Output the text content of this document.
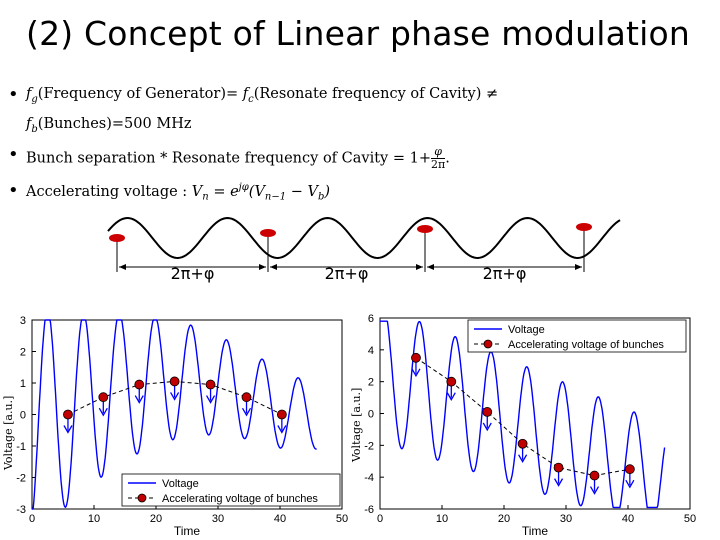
(2) Concept of Linear phase modulation
• $f_g(Frequency$ of Generator)= $f_c(Resonate$ frequency of Cavity) ≠
$f_b(Bunches)=500$ MHz
• Bunch separation * Resonate frequency of Cavity = $1+ \frac{\varphi}{2\pi}$ .
• Accelerating voltage : $V_n = e^{j\varphi}(V_{n-1} - V_b)$
2π+φ	2π+φ	2π+φ
0	10	20	30	40	50
3
2
1
0
-1
-2
-3
Time
Voltage
Accelerating voltage of bunches
0	10	20	30	40	50
6
4
2
0
-2
-4
-6
Time
Voltage
Accelerating voltage of bunches
Voltage [a.u.]	Voltage [a.u.]
